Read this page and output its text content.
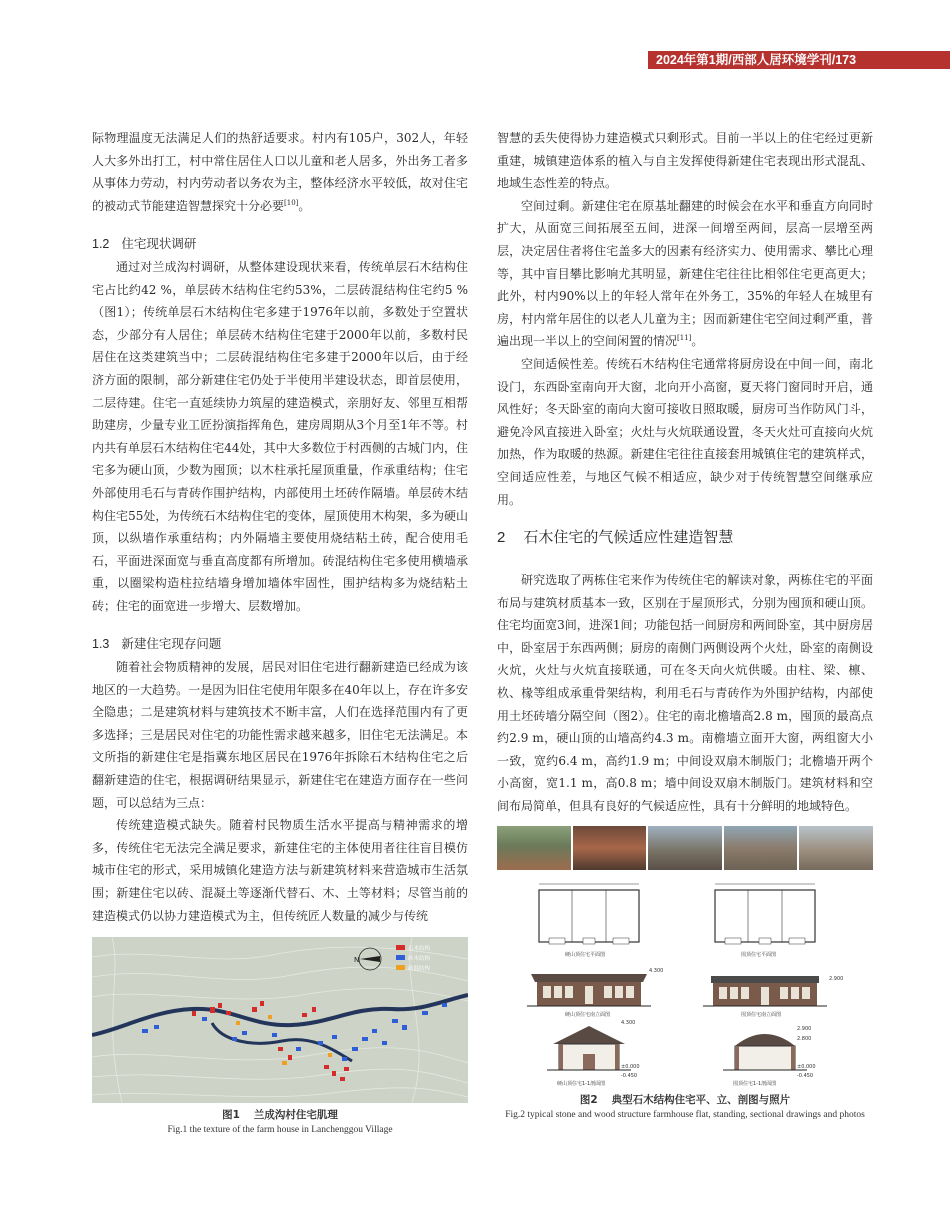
2024年第1期/西部人居环境学刊/173

际物理温度无法满足人们的热舒适要求。村内有105户，302人，年轻人大多外出打工，村中常住居住人口以儿童和老人居多，外出务工者多从事体力劳动，村内劳动者以务农为主，整体经济水平较低，故对住宅的被动式节能建造智慧探究十分必要[10]。

1.2 住宅现状调研

通过对兰成沟村调研，从整体建设现状来看，传统单层石木结构住宅占比约42 %，单层砖木结构住宅约53%，二层砖混结构住宅约5 %（图1）；传统单层石木结构住宅多建于1976年以前，多数处于空置状态，少部分有人居住；单层砖木结构住宅建于2000年以前，多数村民居住在这类建筑当中；二层砖混结构住宅多建于2000年以后，由于经济方面的限制，部分新建住宅仍处于半使用半建设状态，即首层使用，二层待建。住宅一直延续协力筑屋的建造模式，亲朋好友、邻里互相帮助建房，少量专业工匠扮演指挥角色，建房周期从3个月至1年不等。村内共有单层石木结构住宅44处，其中大多数位于村西侧的古城门内，住宅多为硬山顶，少数为囤顶；以木柱承托屋顶重量，作承重结构；住宅外部使用毛石与青砖作围护结构，内部使用土坯砖作隔墙。单层砖木结构住宅55处，为传统石木结构住宅的变体，屋顶使用木构架，多为硬山顶，以纵墙作承重结构；内外隔墙主要使用烧结粘土砖，配合使用毛石，平面进深面宽与垂直高度都有所增加。砖混结构住宅多使用横墙承重，以圈梁构造柱拉结墙身增加墙体牢固性，围护结构多为烧结粘土砖；住宅的面宽进一步增大、层数增加。

1.3 新建住宅现存问题

随着社会物质精神的发展，居民对旧住宅进行翻新建造已经成为该地区的一大趋势。一是因为旧住宅使用年限多在40年以上，存在许多安全隐患；二是建筑材料与建筑技术不断丰富，人们在选择范围内有了更多选择；三是居民对住宅的功能性需求越来越多，旧住宅无法满足。本文所指的新建住宅是指冀东地区居民在1976年拆除石木结构住宅之后翻新建造的住宅，根据调研结果显示，新建住宅在建造方面存在一些问题，可以总结为三点：

传统建造模式缺失。随着村民物质生活水平提高与精神需求的增多，传统住宅无法完全满足要求，新建住宅的主体使用者往往盲目模仿城市住宅的形式，采用城镇化建造方法与新建筑材料来营造城市生活氛围；新建住宅以砖、混凝土等逐渐代替石、木、土等材料；尽管当前的建造模式仍以协力建造模式为主，但传统匠人数量的减少与传统

智慧的丢失使得协力建造模式只剩形式。目前一半以上的住宅经过更新重建，城镇建造体系的植入与自主发挥使得新建住宅表现出形式混乱、地域生态性差的特点。

空间过剩。新建住宅在原基址翻建的时候会在水平和垂直方向同时扩大，从面宽三间拓展至五间，进深一间增至两间，层高一层增至两层，决定居住者将住宅盖多大的因素有经济实力、使用需求、攀比心理等，其中盲目攀比影响尤其明显，新建住宅往往比相邻住宅更高更大；此外，村内90%以上的年轻人常年在外务工，35%的年轻人在城里有房，村内常年居住的以老人儿童为主；因而新建住宅空间过剩严重，普遍出现一半以上的空间闲置的情况[11]。

空间适候性差。传统石木结构住宅通常将厨房设在中间一间，南北设门，东西卧室南向开大窗，北向开小高窗，夏天将门窗同时开启，通风性好；冬天卧室的南向大窗可接收日照取暖，厨房可当作防风门斗，避免冷风直接进入卧室；火灶与火炕联通设置，冬天火灶可直接向火炕加热，作为取暖的热源。新建住宅往往直接套用城镇住宅的建筑样式，空间适应性差，与地区气候不相适应，缺少对于传统智慧空间继承应用。

2 石木住宅的气候适应性建造智慧

研究选取了两栋住宅来作为传统住宅的解读对象，两栋住宅的平面布局与建筑材质基本一致，区别在于屋顶形式，分别为囤顶和硬山顶。住宅均面宽3间，进深1间；功能包括一间厨房和两间卧室，其中厨房居中，卧室居于东西两侧；厨房的南侧门两侧设两个火灶，卧室的南侧设火炕，火灶与火炕直接联通，可在冬天向火炕供暖。由柱、梁、檩、杦、椽等组成承重骨架结构，利用毛石与青砖作为外围护结构，内部使用土坯砖墙分隔空间（图2）。住宅的南北檐墙高2.8 m，囤顶的最高点约2.9 m，硬山顶的山墙高约4.3 m。南檐墙立面开大窗，两组窗大小一致，宽约6.4 m，高约1.9 m；中间设双扇木制版门；北檐墙开两个小高窗，宽1.1 m，高0.8 m；墙中间设双扇木制版门。建筑材料和空间布局简单，但具有良好的气候适应性，具有十分鲜明的地域特色。

N
石木结构
砖木结构
砖混结构
图1 兰成沟村住宅肌理
Fig.1 the texture of the farm house in Lanchenggou Village
硬山顶住宅平面图	囤顶住宅平面图
4.300
硬山顶住宅南立面图
2.900
囤顶住宅南立面图
4.300
±0.000
-0.450
硬山顶住宅1-1剖面图
2.900
2.800
±0.000
-0.450
囤顶住宅1-1剖面图
图2 典型石木结构住宅平、立、剖图与照片
Fig.2 typical stone and wood structure farmhouse flat, standing, sectional drawings and photos
